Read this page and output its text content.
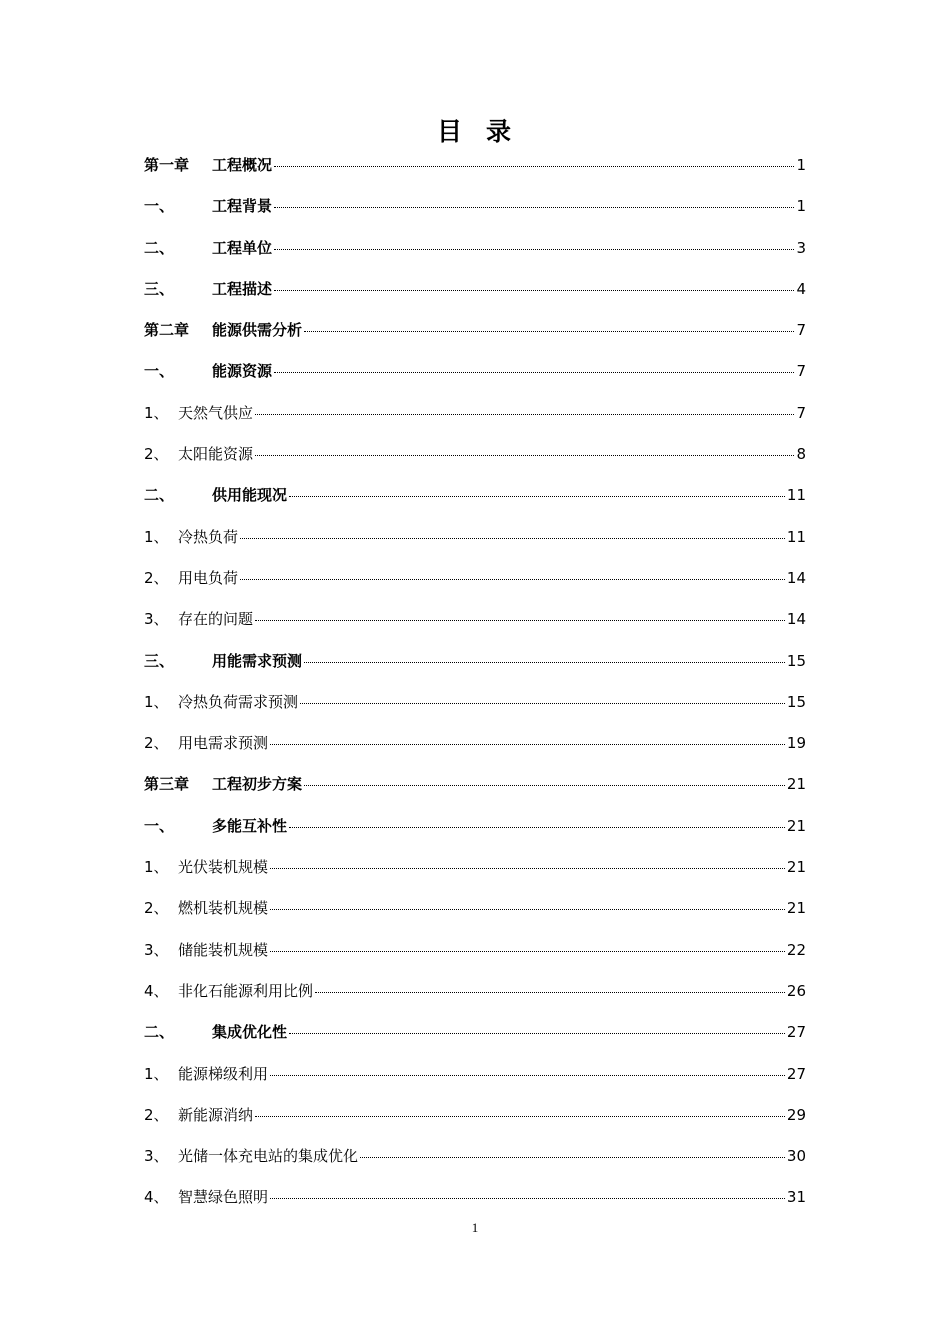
目 录
第一章	工程概况	1
一、	工程背景	1
二、	工程单位	3
三、	工程描述	4
第二章	能源供需分析	7
一、	能源资源	7
1、 天然气供应	7
2、 太阳能资源	8
二、	供用能现况	11
1、 冷热负荷	11
2、 用电负荷	14
3、 存在的问题	14
三、	用能需求预测	15
1、 冷热负荷需求预测	15
2、 用电需求预测	19
第三章	工程初步方案	21
一、	多能互补性	21
1、 光伏装机规模	21
2、 燃机装机规模	21
3、 储能装机规模	22
4、 非化石能源利用比例	26
二、	集成优化性	27
1、 能源梯级利用	27
2、 新能源消纳	29
3、 光储一体充电站的集成优化	30
4、 智慧绿色照明	31
1
